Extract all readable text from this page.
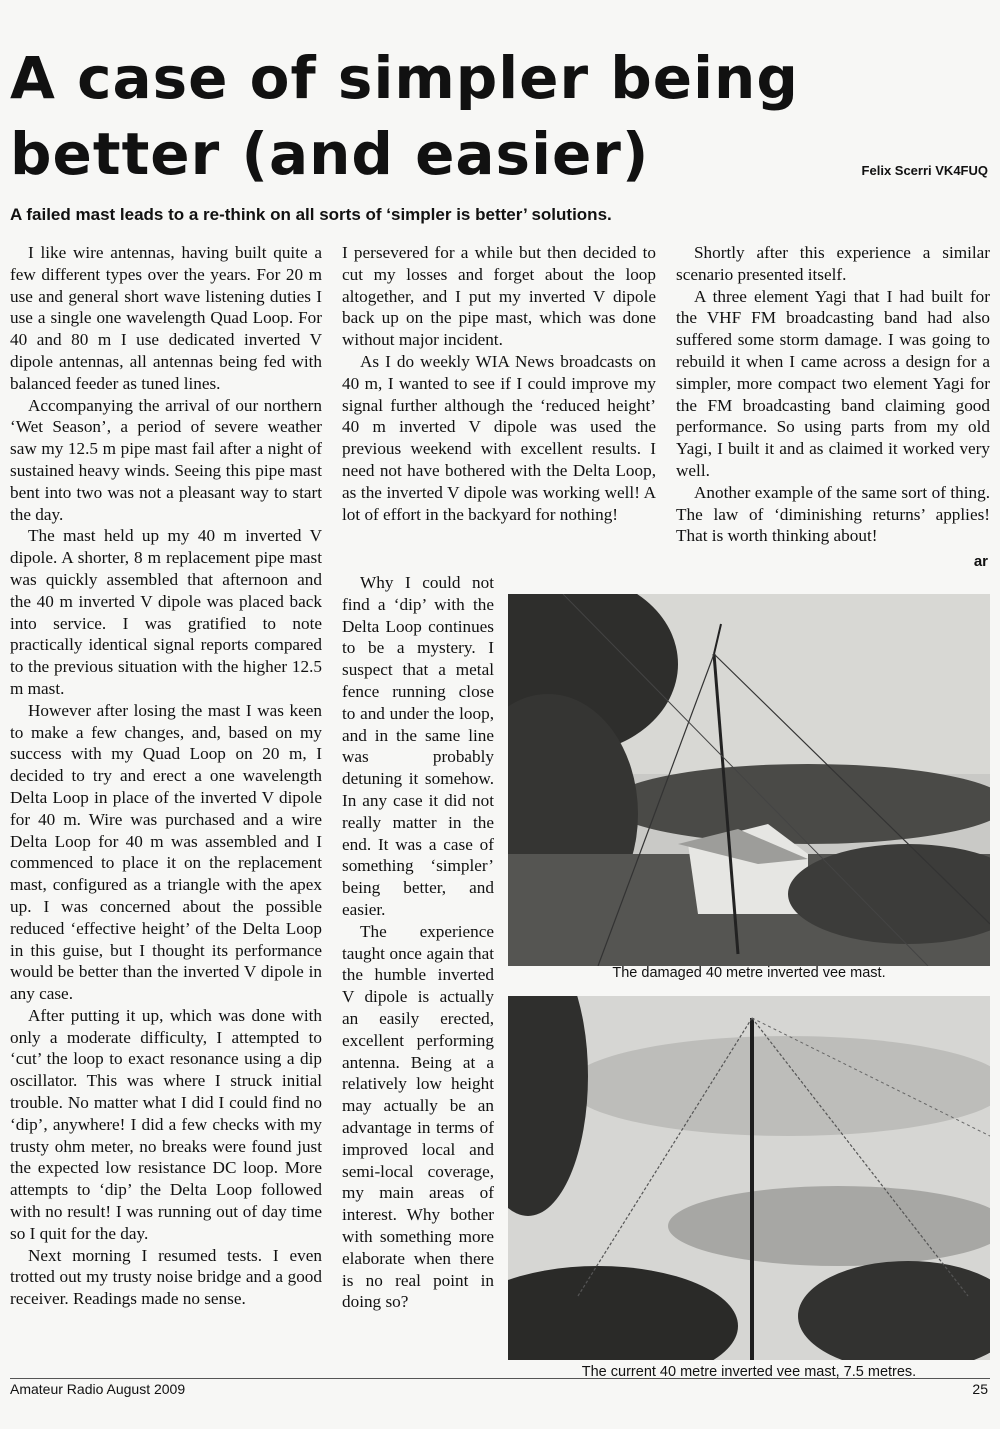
A case of simpler being better (and easier)	Felix Scerri VK4FUQ
A failed mast leads to a re-think on all sorts of ‘simpler is better’ solutions.

I like wire antennas, having built quite a few different types over the years. For 20 m use and general short wave listening duties I use a single one wavelength Quad Loop. For 40 and 80 m I use dedicated inverted V dipole antennas, all antennas being fed with balanced feeder as tuned lines.

Accompanying the arrival of our northern ‘Wet Season’, a period of severe weather saw my 12.5 m pipe mast fail after a night of sustained heavy winds. Seeing this pipe mast bent into two was not a pleasant way to start the day.

The mast held up my 40 m inverted V dipole. A shorter, 8 m replacement pipe mast was quickly assembled that afternoon and the 40 m inverted V dipole was placed back into service. I was gratified to note practically identical signal reports compared to the previous situation with the higher 12.5 m mast.

However after losing the mast I was keen to make a few changes, and, based on my success with my Quad Loop on 20 m, I decided to try and erect a one wavelength Delta Loop in place of the inverted V dipole for 40 m. Wire was purchased and a wire Delta Loop for 40 m was assembled and I commenced to place it on the replacement mast, configured as a triangle with the apex up. I was concerned about the possible reduced ‘effective height’ of the Delta Loop in this guise, but I thought its performance would be better than the inverted V dipole in any case.

After putting it up, which was done with only a moderate difficulty, I attempted to ‘cut’ the loop to exact resonance using a dip oscillator. This was where I struck initial trouble. No matter what I did I could find no ‘dip’, anywhere! I did a few checks with my trusty ohm meter, no breaks were found just the expected low resistance DC loop. More attempts to ‘dip’ the Delta Loop followed with no result! I was running out of day time so I quit for the day.

Next morning I resumed tests. I even trotted out my trusty noise bridge and a good receiver. Readings made no sense.

I persevered for a while but then decided to cut my losses and forget about the loop altogether, and I put my inverted V dipole back up on the pipe mast, which was done without major incident.

As I do weekly WIA News broadcasts on 40 m, I wanted to see if I could improve my signal further although the ‘reduced height’ 40 m inverted V dipole was used the previous weekend with excellent results. I need not have bothered with the Delta Loop, as the inverted V dipole was working well! A lot of effort in the backyard for nothing!

Why I could not find a ‘dip’ with the Delta Loop continues to be a mystery. I suspect that a metal fence running close to and under the loop, and in the same line was probably detuning it somehow. In any case it did not really matter in the end. It was a case of something ‘simpler’ being better, and easier.

The experience taught once again that the humble inverted V dipole is actually an easily erected, excellent performing antenna. Being at a relatively low height may actually be an advantage in terms of improved local and semi-local coverage, my main areas of interest. Why bother with something more elaborate when there is no real point in doing so?

Shortly after this experience a similar scenario presented itself.

A three element Yagi that I had built for the VHF FM broadcasting band had also suffered some storm damage. I was going to rebuild it when I came across a design for a simpler, more compact two element Yagi for the FM broadcasting band claiming good performance. So using parts from my old Yagi, I built it and as claimed it worked very well.

Another example of the same sort of thing. The law of ‘diminishing returns’ applies! That is worth thinking about!

ar
The damaged 40 metre inverted vee mast.
The current 40 metre inverted vee mast, 7.5 metres.
Amateur Radio August 2009	25
